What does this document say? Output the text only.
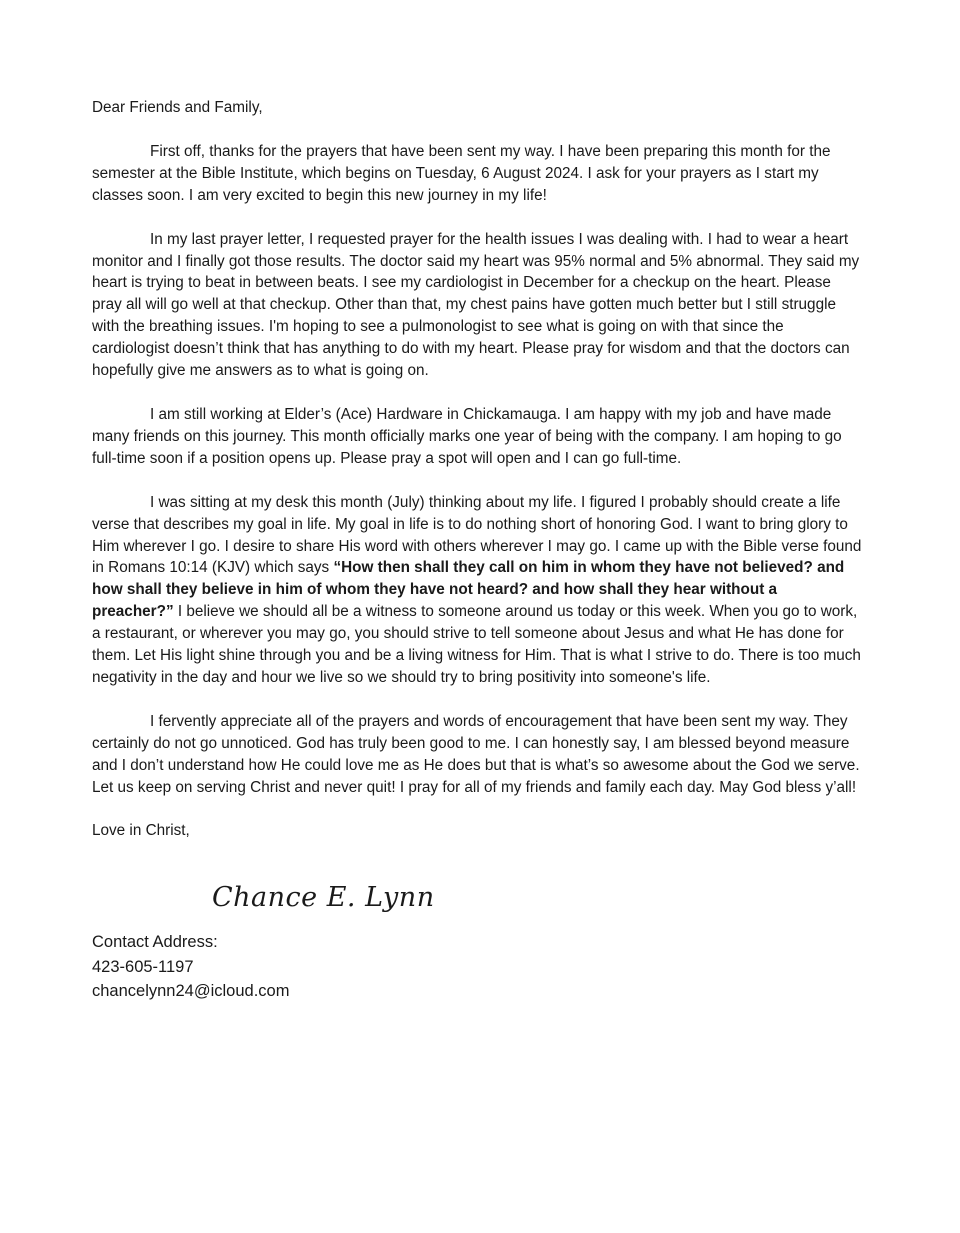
Dear Friends and Family,

First off, thanks for the prayers that have been sent my way. I have been preparing this month for the semester at the Bible Institute, which begins on Tuesday, 6 August 2024. I ask for your prayers as I start my classes soon. I am very excited to begin this new journey in my life!

In my last prayer letter, I requested prayer for the health issues I was dealing with. I had to wear a heart monitor and I finally got those results. The doctor said my heart was 95% normal and 5% abnormal. They said my heart is trying to beat in between beats. I see my cardiologist in December for a checkup on the heart. Please pray all will go well at that checkup. Other than that, my chest pains have gotten much better but I still struggle with the breathing issues. I'm hoping to see a pulmonologist to see what is going on with that since the cardiologist doesn’t think that has anything to do with my heart. Please pray for wisdom and that the doctors can hopefully give me answers as to what is going on.

I am still working at Elder’s (Ace) Hardware in Chickamauga. I am happy with my job and have made many friends on this journey. This month officially marks one year of being with the company. I am hoping to go full-time soon if a position opens up. Please pray a spot will open and I can go full-time.

I was sitting at my desk this month (July) thinking about my life. I figured I probably should create a life verse that describes my goal in life. My goal in life is to do nothing short of honoring God. I want to bring glory to Him wherever I go. I desire to share His word with others wherever I may go. I came up with the Bible verse found in Romans 10:14 (KJV) which says “How then shall they call on him in whom they have not believed? and how shall they believe in him of whom they have not heard? and how shall they hear without a preacher?” I believe we should all be a witness to someone around us today or this week. When you go to work, a restaurant, or wherever you may go, you should strive to tell someone about Jesus and what He has done for them. Let His light shine through you and be a living witness for Him. That is what I strive to do. There is too much negativity in the day and hour we live so we should try to bring positivity into someone's life.

I fervently appreciate all of the prayers and words of encouragement that have been sent my way. They certainly do not go unnoticed. God has truly been good to me. I can honestly say, I am blessed beyond measure and I don’t understand how He could love me as He does but that is what’s so awesome about the God we serve. Let us keep on serving Christ and never quit! I pray for all of my friends and family each day. May God bless y’all!

Love in Christ,

Chance E. Lynn
Contact Address:
423-605-1197
chancelynn24@icloud.com
